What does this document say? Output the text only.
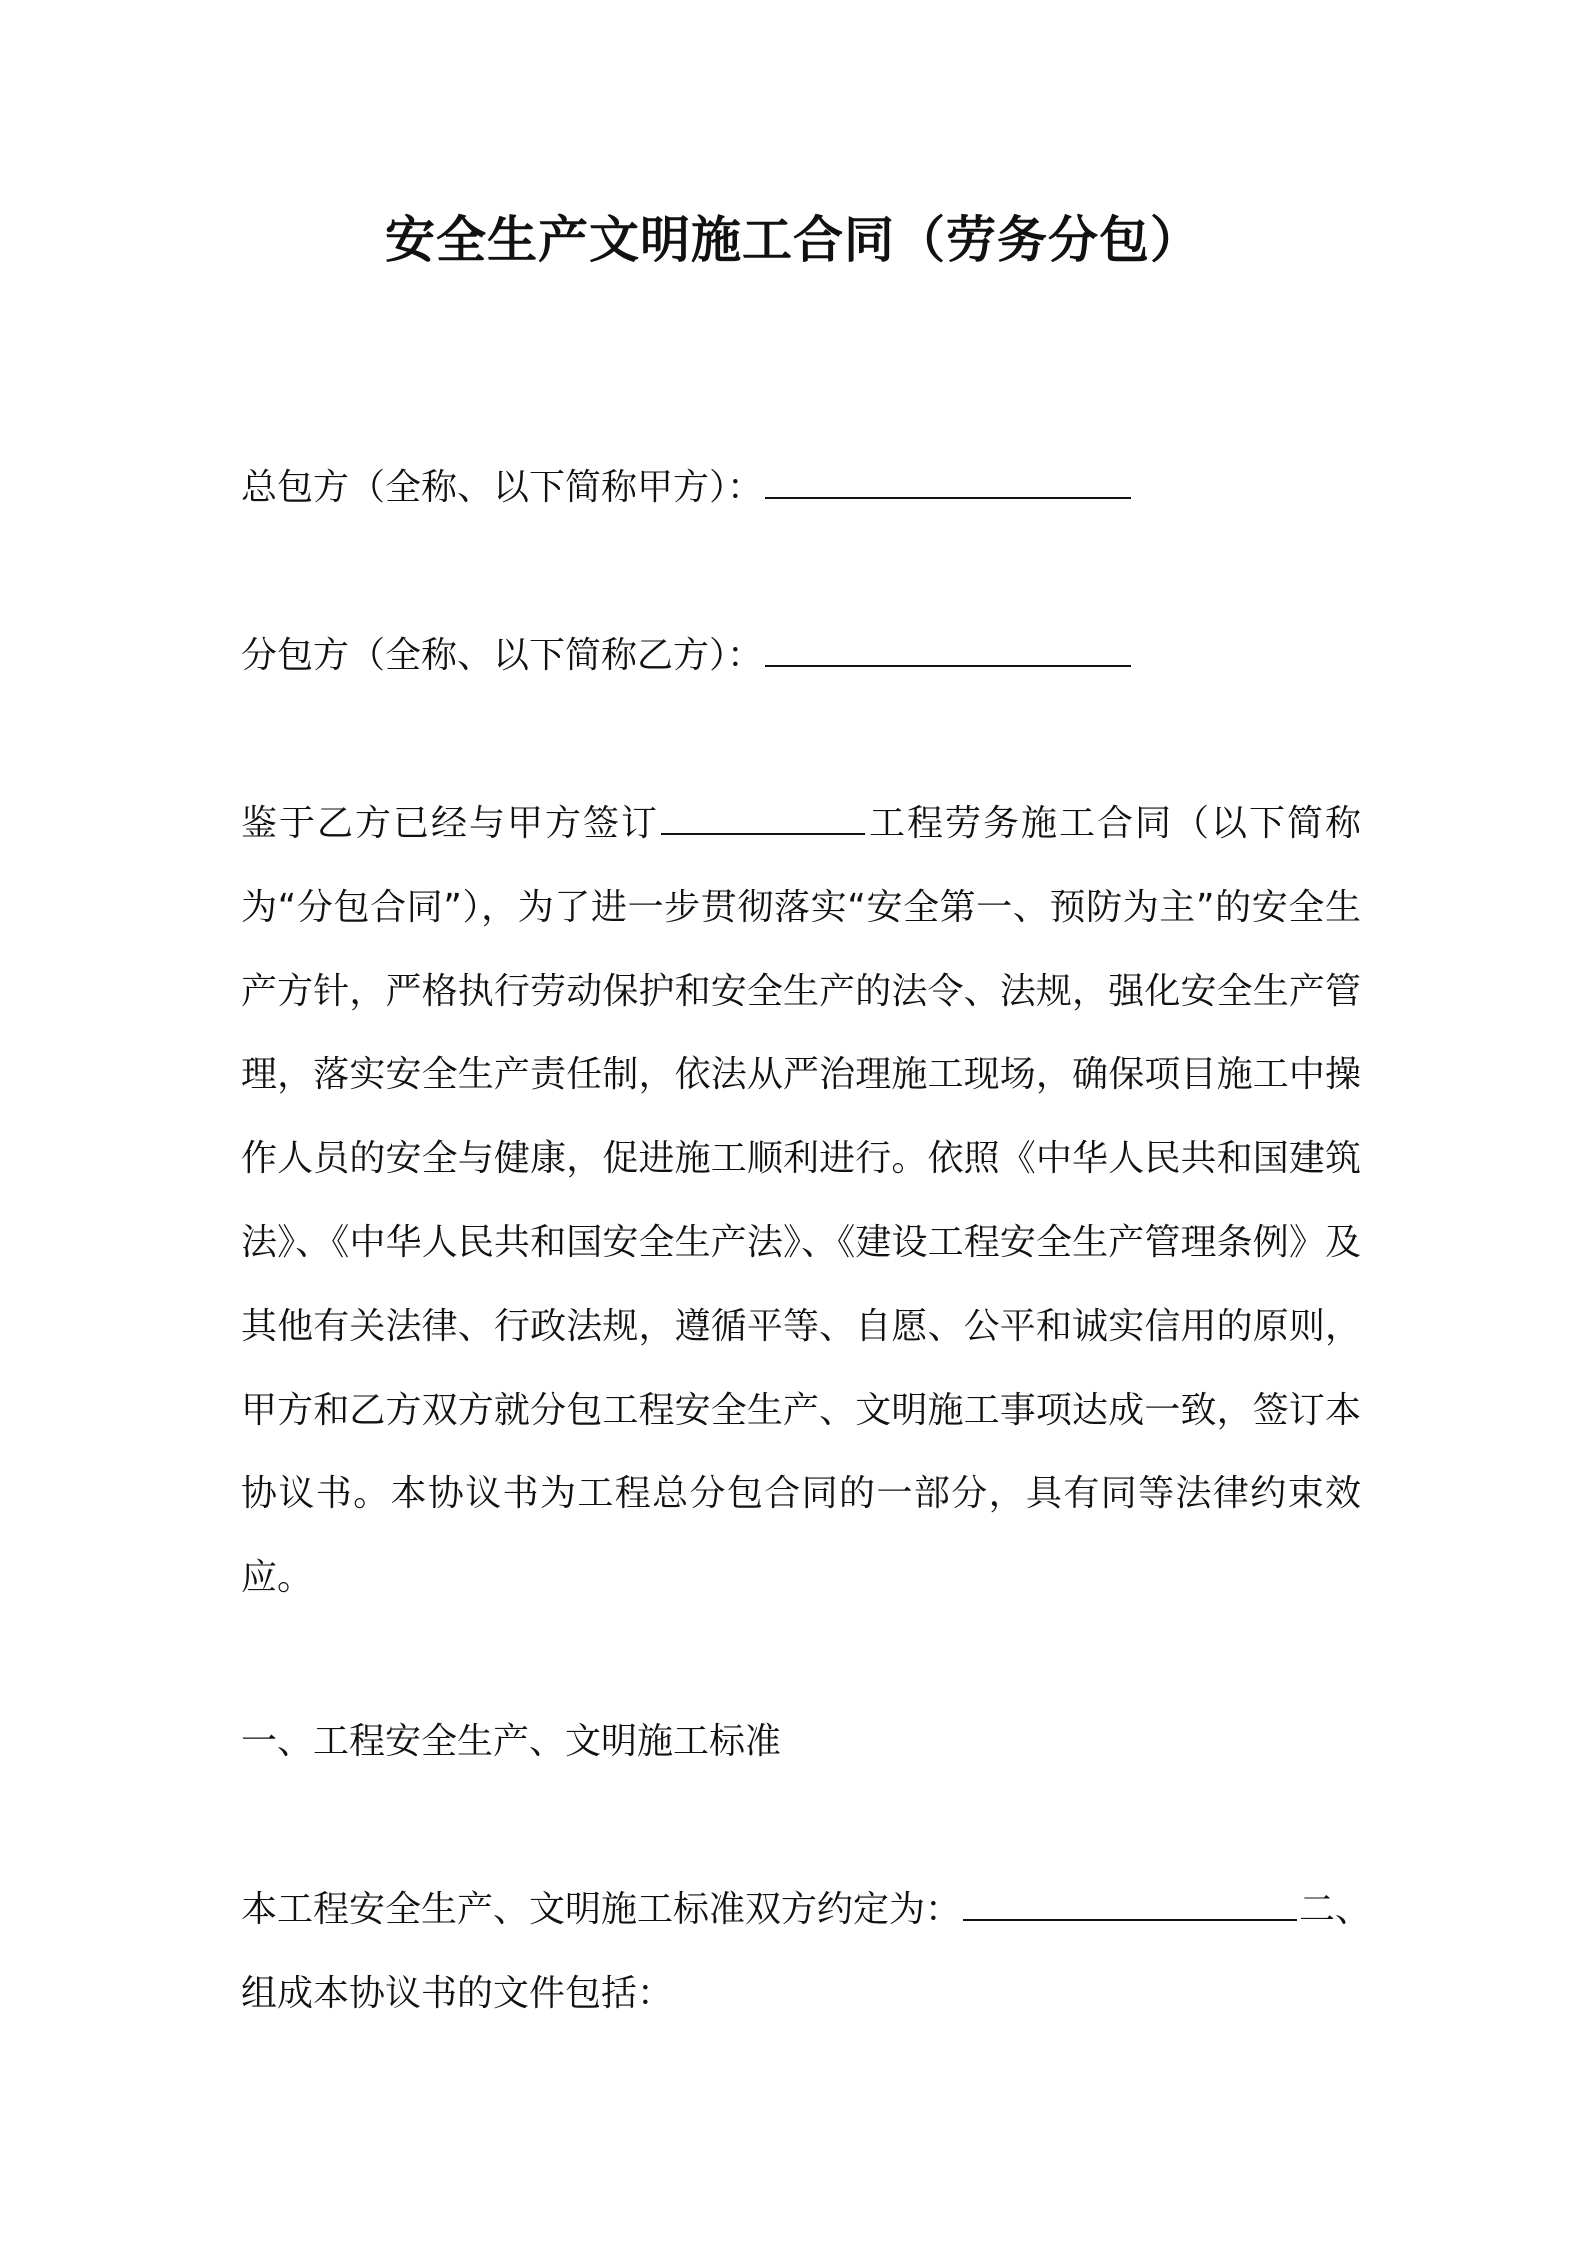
安全生产文明施工合同（劳务分包）
总包方（全称、以下简称甲方）：
分包方（全称、以下简称乙方）：
鉴于乙方已经与甲方签订	工程劳务施工合同（以下简称为“分包合同”），为了进一步贯彻落实“安全第一、预防为主”的安全生产方针，严格执行劳动保护和安全生产的法令、法规，强化安全生产管理，落实安全生产责任制，依法从严治理施工现场，确保项目施工中操作人员的安全与健康，促进施工顺利进行。依照《中华人民共和国建筑法》、《中华人民共和国安全生产法》、《建设工程安全生产管理条例》及其他有关法律、行政法规，遵循平等、自愿、公平和诚实信用的原则，甲方和乙方双方就分包工程安全生产、文明施工事项达成一致，签订本协议书。本协议书为工程总分包合同的一部分，具有同等法律约束效应。
一、工程安全生产、文明施工标准
本工程安全生产、文明施工标准双方约定为：	二、
组成本协议书的文件包括：
